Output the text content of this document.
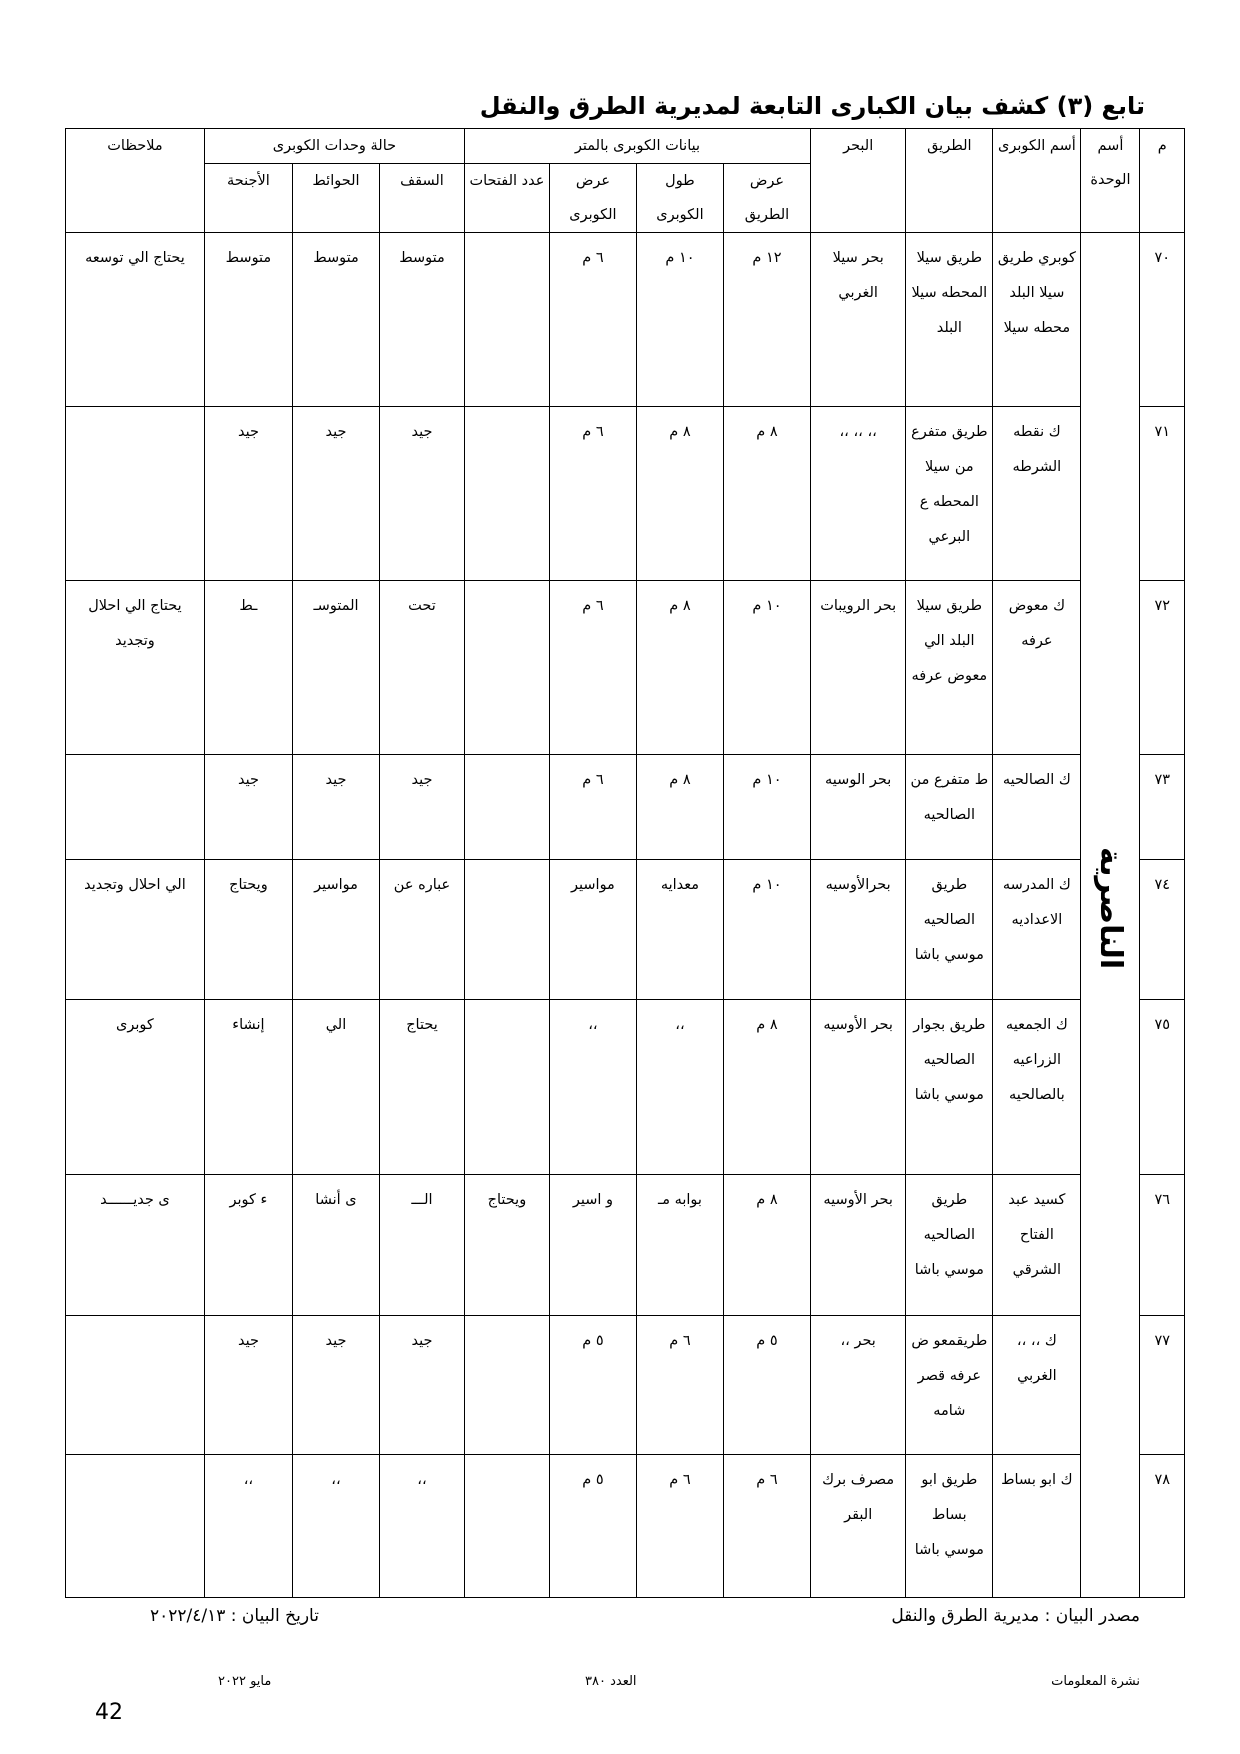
تابع (٣) كشف بيان الكبارى التابعة لمديرية الطرق والنقل
م	أسم الوحدة	أسم الكوبرى	الطريق	البحر	بيانات الكوبرى بالمتر				حالة وحدات الكوبرى			ملاحظات
					عرض الطريق	طول الكوبرى	عرض الكوبرى	عدد الفتحات	السقف	الحوائط	الأجنحة	
٧٠	الناصرية	كوبري طريق سيلا البلد محطه سيلا	طريق سيلا المحطه سيلا البلد	بحر سيلا الغربي	١٢ م	١٠ م	٦ م		متوسط	متوسط	متوسط	يحتاج الي توسعه
٧١		ك نقطه الشرطه	طريق متفرع من سيلا المحطه ع البرعي	،، ،، ،،	٨ م	٨ م	٦ م		جيد	جيد	جيد	
٧٢		ك معوض عرفه	طريق سيلا البلد الي معوض عرفه	بحر الرويبات	١٠ م	٨ م	٦ م		تحت	المتوسـ	ـط	يحتاج الي احلال وتجديد
٧٣		ك الصالحيه	ط متفرع من الصالحيه	بحر الوسيه	١٠ م	٨ م	٦ م		جيد	جيد	جيد	
٧٤		ك المدرسه الاعداديه	طريق الصالحيه موسي باشا	بحرالأوسيه	١٠ م	معدايه	مواسير		عباره عن	مواسير	ويحتاج	الي احلال وتجديد
٧٥		ك الجمعيه الزراعيه بالصالحيه	طريق بجوار الصالحيه موسي باشا	بحر الأوسيه	٨ م	،،	،،		يحتاج	الي	إنشاء	كوبرى
٧٦		كسيد عبد الفتاح الشرقي	طريق الصالحيه موسي باشا	بحر الأوسيه	٨ م	بوابه مـ	و اسير	ويحتاج	الـــ	ى أنشا	ء كوبر	ى جديــــــد
٧٧		ك ،، ،، الغربي	طريقمعو ض عرفه قصر شامه	بحر ،،	٥ م	٦ م	٥ م		جيد	جيد	جيد	
٧٨		ك ابو بساط	طريق ابو بساط موسي باشا	مصرف برك البقر	٦ م	٦ م	٥ م		،،	،،	،،	
مصدر البيان : مديرية الطرق والنقل
تاريخ البيان : ٢٠٢٢/٤/١٣
نشرة المعلومات
العدد ٣٨٠
مايو ٢٠٢٢
42
